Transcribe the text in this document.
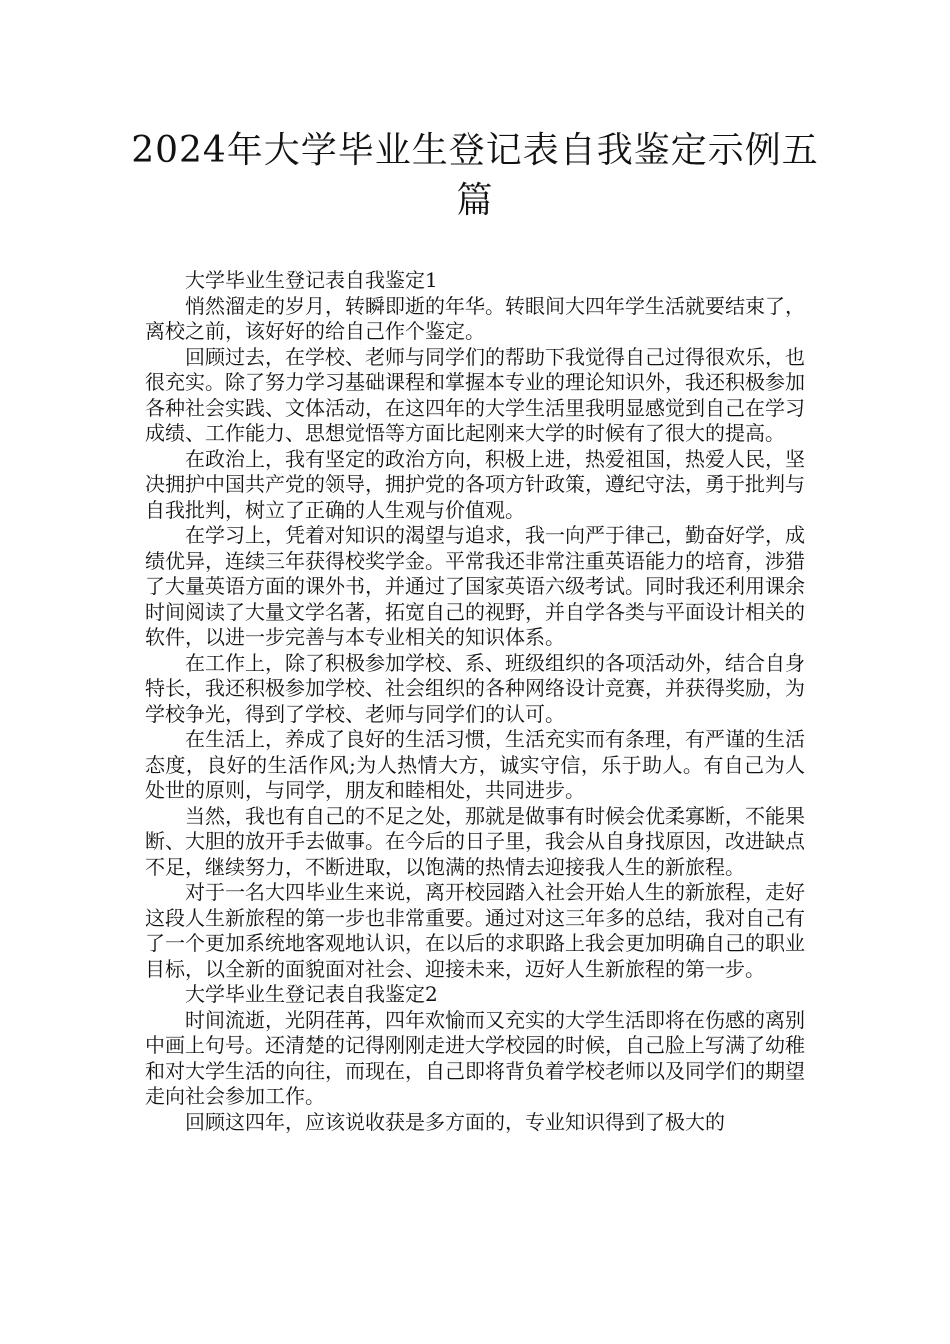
2024年大学毕业生登记表自我鉴定示例五篇

大学毕业生登记表自我鉴定1

悄然溜走的岁月，转瞬即逝的年华。转眼间大四年学生活就要结束了，离校之前，该好好的给自己作个鉴定。

回顾过去，在学校、老师与同学们的帮助下我觉得自己过得很欢乐，也很充实。除了努力学习基础课程和掌握本专业的理论知识外，我还积极参加各种社会实践、文体活动，在这四年的大学生活里我明显感觉到自己在学习成绩、工作能力、思想觉悟等方面比起刚来大学的时候有了很大的提高。

在政治上，我有坚定的政治方向，积极上进，热爱祖国，热爱人民，坚决拥护中国共产党的领导，拥护党的各项方针政策，遵纪守法，勇于批判与自我批判，树立了正确的人生观与价值观。

在学习上，凭着对知识的渴望与追求，我一向严于律己，勤奋好学，成绩优异，连续三年获得校奖学金。平常我还非常注重英语能力的培育，涉猎了大量英语方面的课外书，并通过了国家英语六级考试。同时我还利用课余时间阅读了大量文学名著，拓宽自己的视野，并自学各类与平面设计相关的软件，以进一步完善与本专业相关的知识体系。

在工作上，除了积极参加学校、系、班级组织的各项活动外，结合自身特长，我还积极参加学校、社会组织的各种网络设计竞赛，并获得奖励，为学校争光，得到了学校、老师与同学们的认可。

在生活上，养成了良好的生活习惯，生活充实而有条理，有严谨的生活态度，良好的生活作风;为人热情大方，诚实守信，乐于助人。有自己为人处世的原则，与同学，朋友和睦相处，共同进步。

当然，我也有自己的不足之处，那就是做事有时候会优柔寡断，不能果断、大胆的放开手去做事。在今后的日子里，我会从自身找原因，改进缺点不足，继续努力，不断进取，以饱满的热情去迎接我人生的新旅程。

对于一名大四毕业生来说，离开校园踏入社会开始人生的新旅程，走好这段人生新旅程的第一步也非常重要。通过对这三年多的总结，我对自己有了一个更加系统地客观地认识，在以后的求职路上我会更加明确自己的职业目标，以全新的面貌面对社会、迎接未来，迈好人生新旅程的第一步。

大学毕业生登记表自我鉴定2

时间流逝，光阴荏苒，四年欢愉而又充实的大学生活即将在伤感的离别中画上句号。还清楚的记得刚刚走进大学校园的时候，自己脸上写满了幼稚和对大学生活的向往，而现在，自己即将背负着学校老师以及同学们的期望走向社会参加工作。

回顾这四年，应该说收获是多方面的，专业知识得到了极大的
